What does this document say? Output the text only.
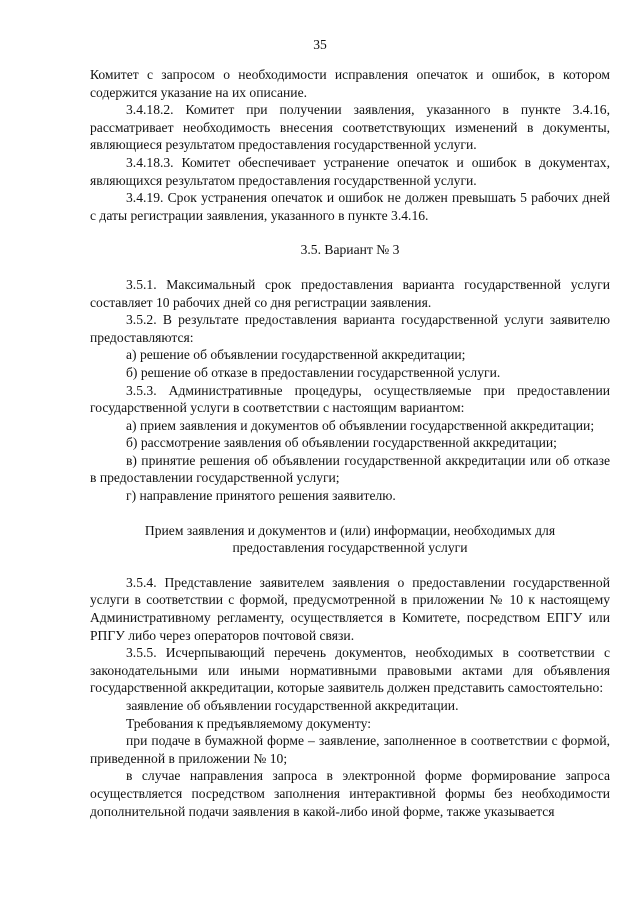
35

Комитет с запросом о необходимости исправления опечаток и ошибок, в котором содержится указание на их описание.

3.4.18.2. Комитет при получении заявления, указанного в пункте 3.4.16, рассматривает необходимость внесения соответствующих изменений в документы, являющиеся результатом предоставления государственной услуги.

3.4.18.3. Комитет обеспечивает устранение опечаток и ошибок в документах, являющихся результатом предоставления государственной услуги.

3.4.19. Срок устранения опечаток и ошибок не должен превышать 5 рабочих дней с даты регистрации заявления, указанного в пункте 3.4.16.

3.5. Вариант № 3

3.5.1. Максимальный срок предоставления варианта государственной услуги составляет 10 рабочих дней со дня регистрации заявления.

3.5.2. В результате предоставления варианта государственной услуги заявителю предоставляются:

а) решение об объявлении государственной аккредитации;

б) решение об отказе в предоставлении государственной услуги.

3.5.3. Административные процедуры, осуществляемые при предоставлении государственной услуги в соответствии с настоящим вариантом:

а) прием заявления и документов об объявлении государственной аккредитации;

б) рассмотрение заявления об объявлении государственной аккредитации;

в) принятие решения об объявлении государственной аккредитации или об отказе в предоставлении государственной услуги;

г) направление принятого решения заявителю.

Прием заявления и документов и (или) информации, необходимых для предоставления государственной услуги

3.5.4. Представление заявителем заявления о предоставлении государственной услуги в соответствии с формой, предусмотренной в приложении № 10 к настоящему Административному регламенту, осуществляется в Комитете, посредством ЕПГУ или РПГУ либо через операторов почтовой связи.

3.5.5. Исчерпывающий перечень документов, необходимых в соответствии с законодательными или иными нормативными правовыми актами для объявления государственной аккредитации, которые заявитель должен представить самостоятельно:

заявление об объявлении государственной аккредитации.

Требования к предъявляемому документу:

при подаче в бумажной форме – заявление, заполненное в соответствии с формой, приведенной в приложении № 10;

в случае направления запроса в электронной форме формирование запроса осуществляется посредством заполнения интерактивной формы без необходимости дополнительной подачи заявления в какой-либо иной форме, также указывается
